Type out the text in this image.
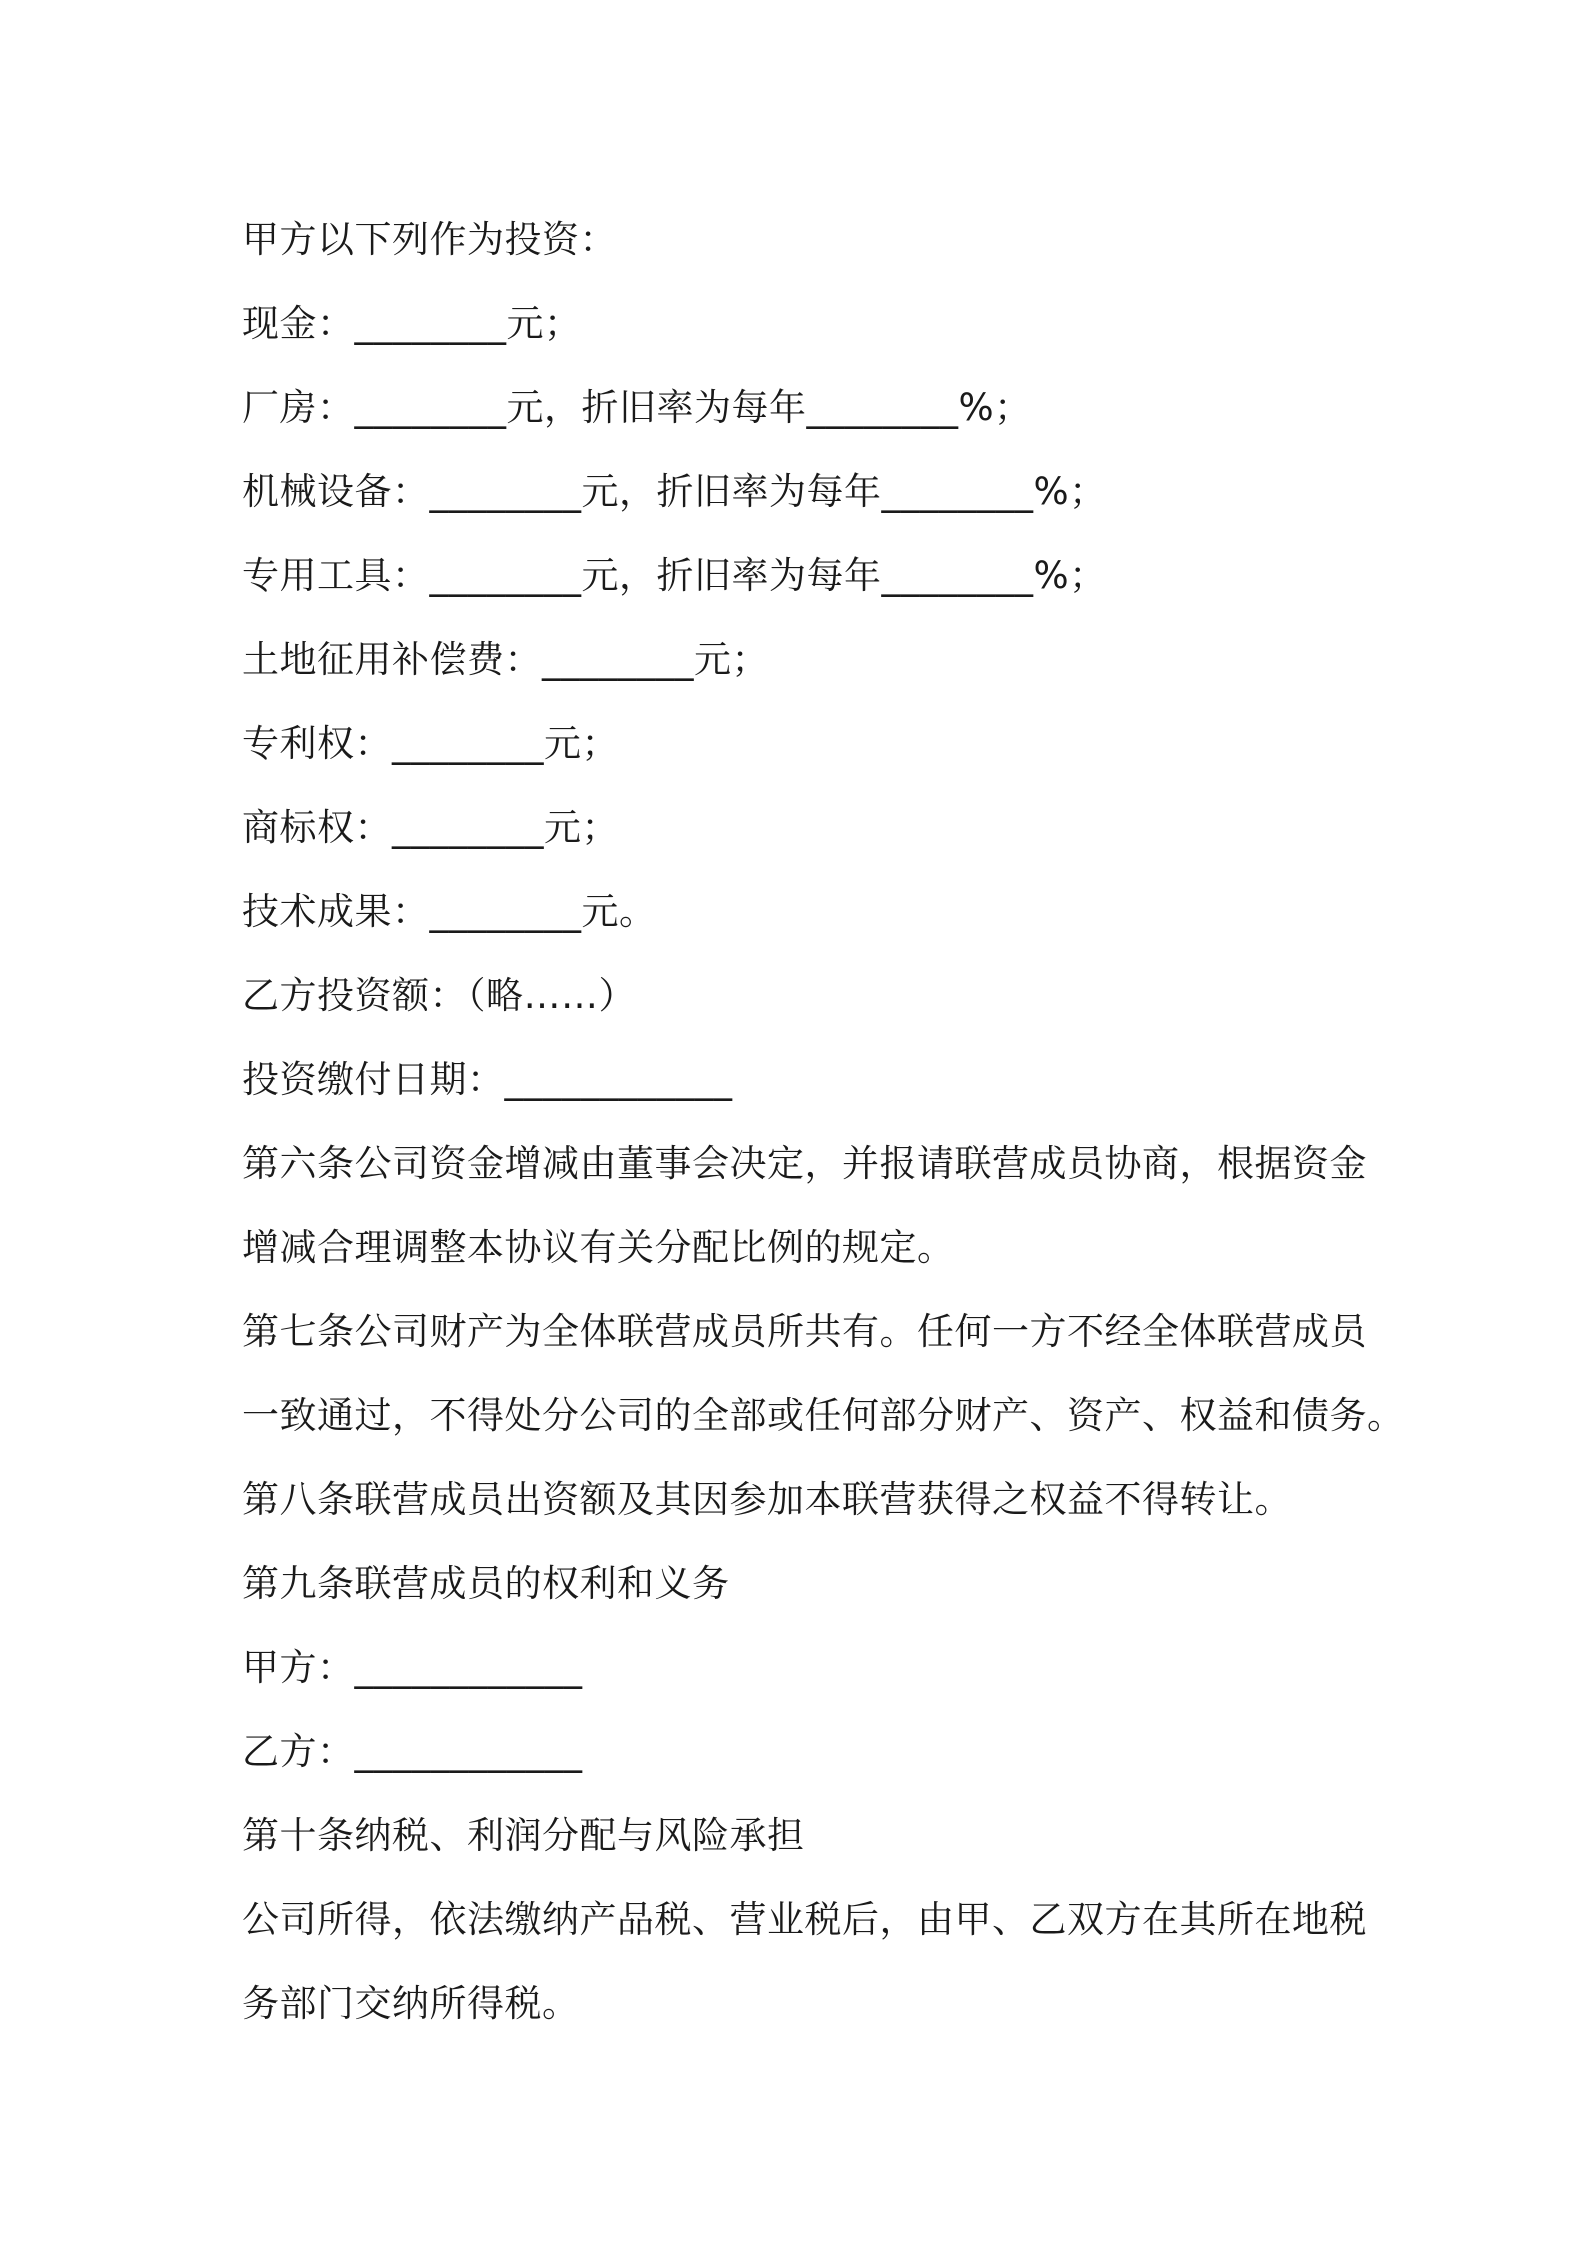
甲方以下列作为投资：
现金：________元；
厂房：________元，折旧率为每年________%；
机械设备：________元，折旧率为每年________%；
专用工具：________元，折旧率为每年________%；
土地征用补偿费：________元；
专利权：________元；
商标权：________元；
技术成果：________元。
乙方投资额：（略……）
投资缴付日期：____________
第六条公司资金增减由董事会决定，并报请联营成员协商，根据资金
增减合理调整本协议有关分配比例的规定。
第七条公司财产为全体联营成员所共有。任何一方不经全体联营成员
一致通过，不得处分公司的全部或任何部分财产、资产、权益和债务。
第八条联营成员出资额及其因参加本联营获得之权益不得转让。
第九条联营成员的权利和义务
甲方：____________
乙方：____________
第十条纳税、利润分配与风险承担
公司所得，依法缴纳产品税、营业税后，由甲、乙双方在其所在地税
务部门交纳所得税。
